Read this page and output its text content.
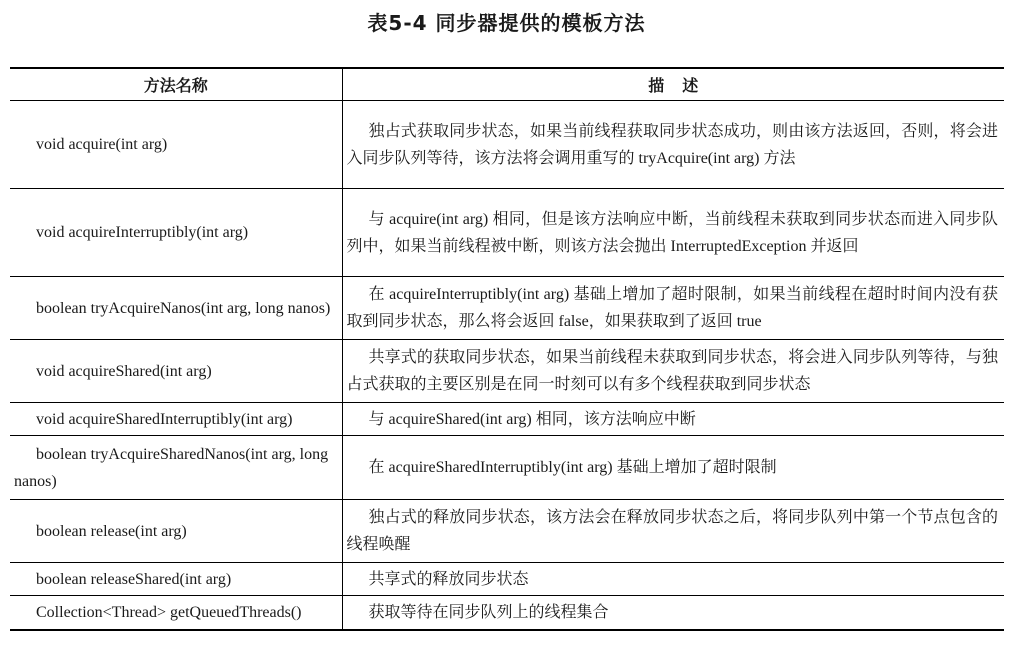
表5-4 同步器提供的模板方法
方法名称	描述
void acquire(int arg)	独占式获取同步状态，如果当前线程获取同步状态成功，则由该方法返回，否则，将会进入同步队列等待，该方法将会调用重写的 tryAcquire(int arg) 方法
void acquireInterruptibly(int arg)	与 acquire(int arg) 相同，但是该方法响应中断，当前线程未获取到同步状态而进入同步队列中，如果当前线程被中断，则该方法会抛出 InterruptedException 并返回
boolean tryAcquireNanos(int arg, long nanos)	在 acquireInterruptibly(int arg) 基础上增加了超时限制，如果当前线程在超时时间内没有获取到同步状态，那么将会返回 false，如果获取到了返回 true
void acquireShared(int arg)	共享式的获取同步状态，如果当前线程未获取到同步状态，将会进入同步队列等待，与独占式获取的主要区别是在同一时刻可以有多个线程获取到同步状态
void acquireSharedInterruptibly(int arg)	与 acquireShared(int arg) 相同，该方法响应中断
boolean tryAcquireSharedNanos(int arg, long nanos)	在 acquireSharedInterruptibly(int arg) 基础上增加了超时限制
boolean release(int arg)	独占式的释放同步状态，该方法会在释放同步状态之后，将同步队列中第一个节点包含的线程唤醒
boolean releaseShared(int arg)	共享式的释放同步状态
Collection<Thread> getQueuedThreads()	获取等待在同步队列上的线程集合
